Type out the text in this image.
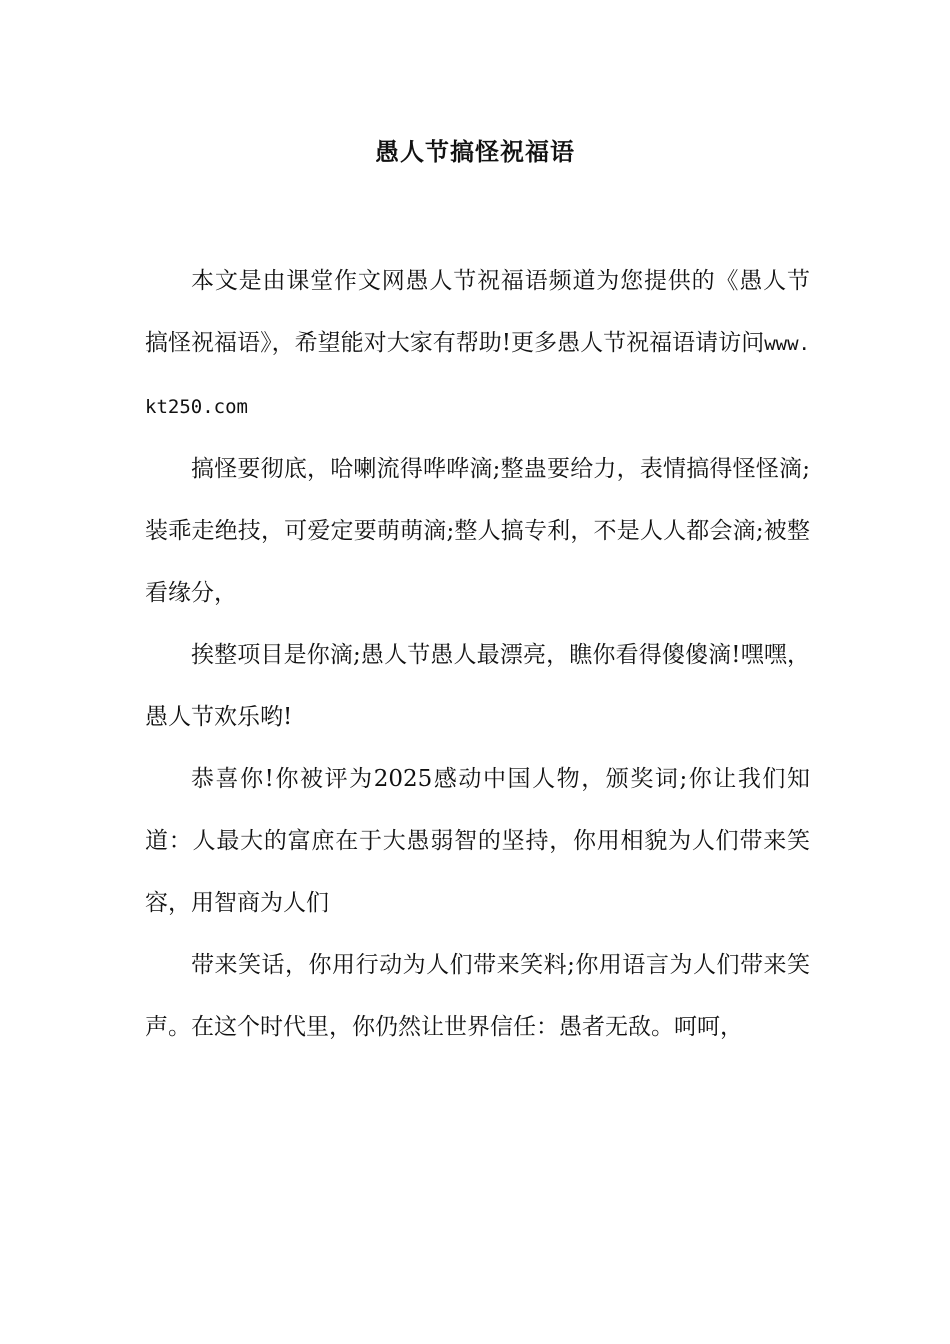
愚人节搞怪祝福语

本文是由课堂作文网愚人节祝福语频道为您提供的《愚人节搞怪祝福语》，希望能对大家有帮助!更多愚人节祝福语请访问www.kt250.com

搞怪要彻底，哈喇流得哗哗滴;整蛊要给力，表情搞得怪怪滴;装乖走绝技，可爱定要萌萌滴;整人搞专利，不是人人都会滴;被整看缘分，

挨整项目是你滴;愚人节愚人最漂亮，瞧你看得傻傻滴!嘿嘿，愚人节欢乐哟!

恭喜你!你被评为2025感动中国人物，颁奖词;你让我们知道：人最大的富庶在于大愚弱智的坚持，你用相貌为人们带来笑容，用智商为人们

带来笑话，你用行动为人们带来笑料;你用语言为人们带来笑声。在这个时代里，你仍然让世界信任：愚者无敌。呵呵，
